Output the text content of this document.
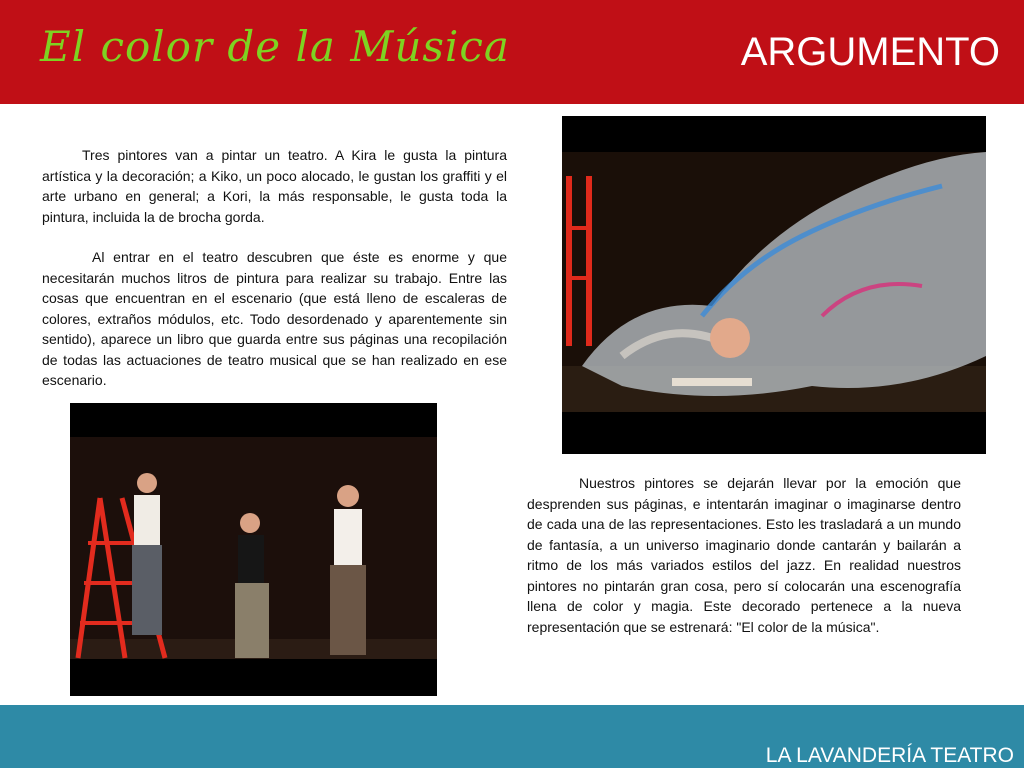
El color de la Música	ARGUMENTO

Tres pintores van a pintar un teatro. A Kira le gusta la pintura artística y la decoración; a Kiko, un poco alocado, le gustan los graffiti y el arte urbano en general; a Kori, la más responsable, le gusta toda la pintura, incluida la de brocha gorda.

Al entrar en el teatro descubren que éste es enorme y que necesitarán muchos litros de pintura para realizar su trabajo. Entre las cosas que encuentran en el escenario (que está lleno de escaleras de colores, extraños módulos, etc. Todo desordenado y aparentemente sin sentido), aparece un libro que guarda entre sus páginas una recopilación de todas las actuaciones de teatro musical que se han realizado en ese escenario.

Nuestros pintores se dejarán llevar por la emoción que desprenden sus páginas, e intentarán imaginar o imaginarse dentro de cada una de las representaciones. Esto les trasladará a un mundo de fantasía, a un universo imaginario donde cantarán y bailarán a ritmo de los más variados estilos del jazz. En realidad nuestros pintores no pintarán gran cosa, pero sí colocarán una escenografía llena de color y magia. Este decorado pertenece a la nueva representación que se estrenará: "El color de la música".

LA LAVANDERÍA TEATRO
